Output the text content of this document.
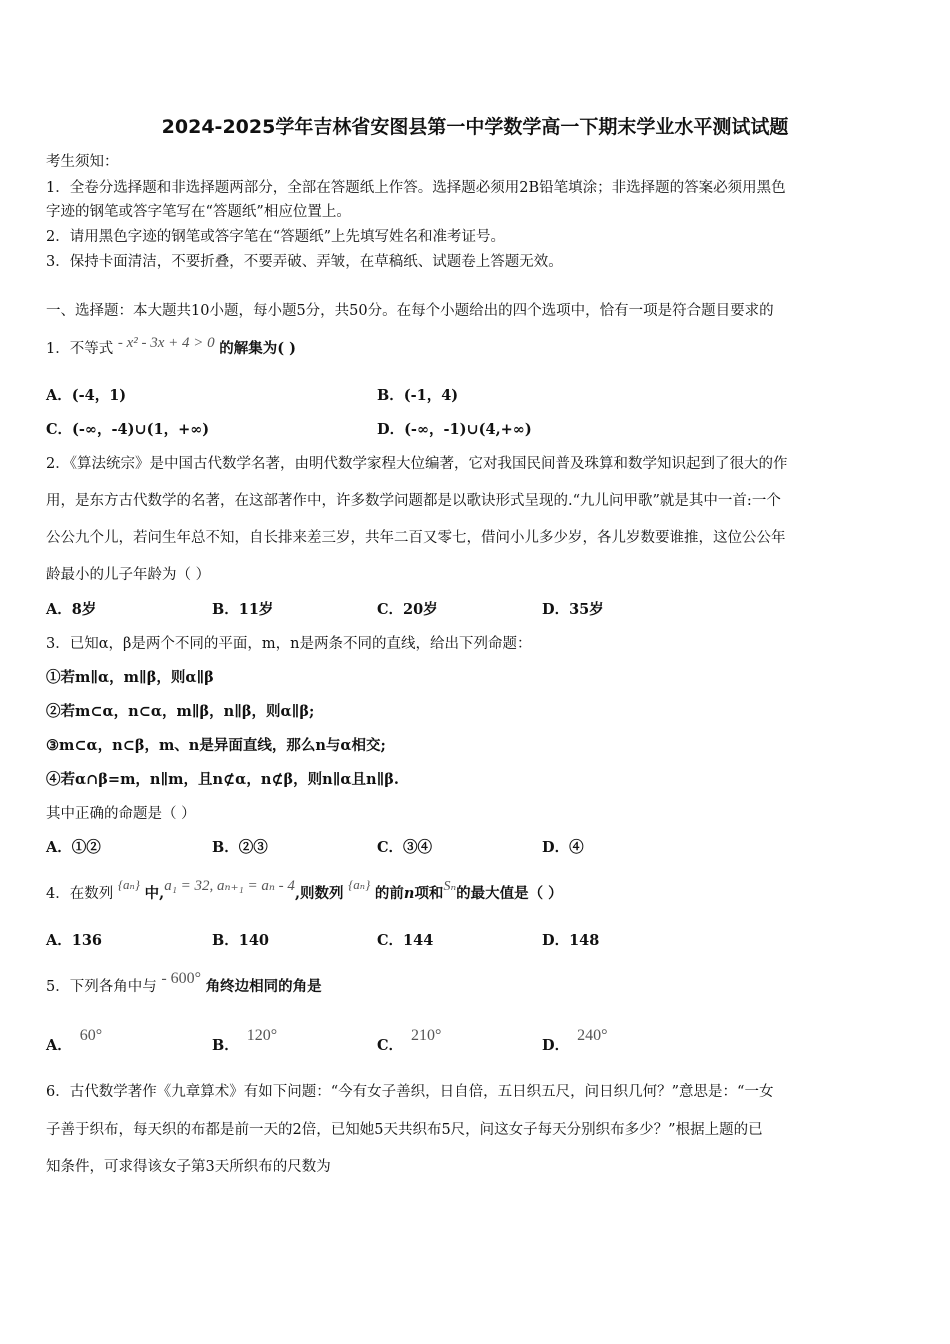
2024-2025学年吉林省安图县第一中学数学高一下期末学业水平测试试题
考生须知：
1．全卷分选择题和非选择题两部分，全部在答题纸上作答。选择题必须用2B铅笔填涂；非选择题的答案必须用黑色
字迹的钢笔或答字笔写在“答题纸”相应位置上。
2．请用黑色字迹的钢笔或答字笔在“答题纸”上先填写姓名和准考证号。
3．保持卡面清洁，不要折叠，不要弄破、弄皱，在草稿纸、试题卷上答题无效。
一、选择题：本大题共10小题，每小题5分，共50分。在每个小题给出的四个选项中，恰有一项是符合题目要求的
1．不等式 - x² - 3x + 4 > 0 的解集为( )
A．(-4，1)	B．(-1，4)
C．(-∞，-4)∪(1，+∞)	D．(-∞，-1)∪(4,+∞)
2．《算法统宗》是中国古代数学名著，由明代数学家程大位编著，它对我国民间普及珠算和数学知识起到了很大的作
用，是东方古代数学的名著，在这部著作中，许多数学问题都是以歌诀形式呈现的.“九儿问甲歌”就是其中一首:一个
公公九个儿，若问生年总不知，自长排来差三岁，共年二百又零七，借问小儿多少岁，各儿岁数要谁推，这位公公年
龄最小的儿子年龄为（ ）
A．8岁	B．11岁	C．20岁	D．35岁
3．已知α，β是两个不同的平面，m，n是两条不同的直线，给出下列命题：
①若m∥α，m∥β，则α∥β
②若m⊂α，n⊂α，m∥β，n∥β，则α∥β;
③m⊂α，n⊂β，m、n是异面直线，那么n与α相交;
④若α∩β=m，n∥m，且n⊄α，n⊄β，则n∥α且n∥β.
其中正确的命题是（ ）
A．①②	B．②③	C．③④	D．④
4．在数列 {aₙ} 中,a₁ = 32, aₙ₊₁ = aₙ - 4,则数列 {aₙ} 的前n项和Sₙ的最大值是（ ）
A．136	B．140	C．144	D．148
5．下列各角中与 - 600° 角终边相同的角是
A．60°
B．120°
C．210°
D．240°
6．古代数学著作《九章算术》有如下问题：“今有女子善织，日自倍，五日织五尺，问日织几何？”意思是：“一女
子善于织布，每天织的布都是前一天的2倍，已知她5天共织布5尺，问这女子每天分别织布多少？”根据上题的已
知条件，可求得该女子第3天所织布的尺数为
